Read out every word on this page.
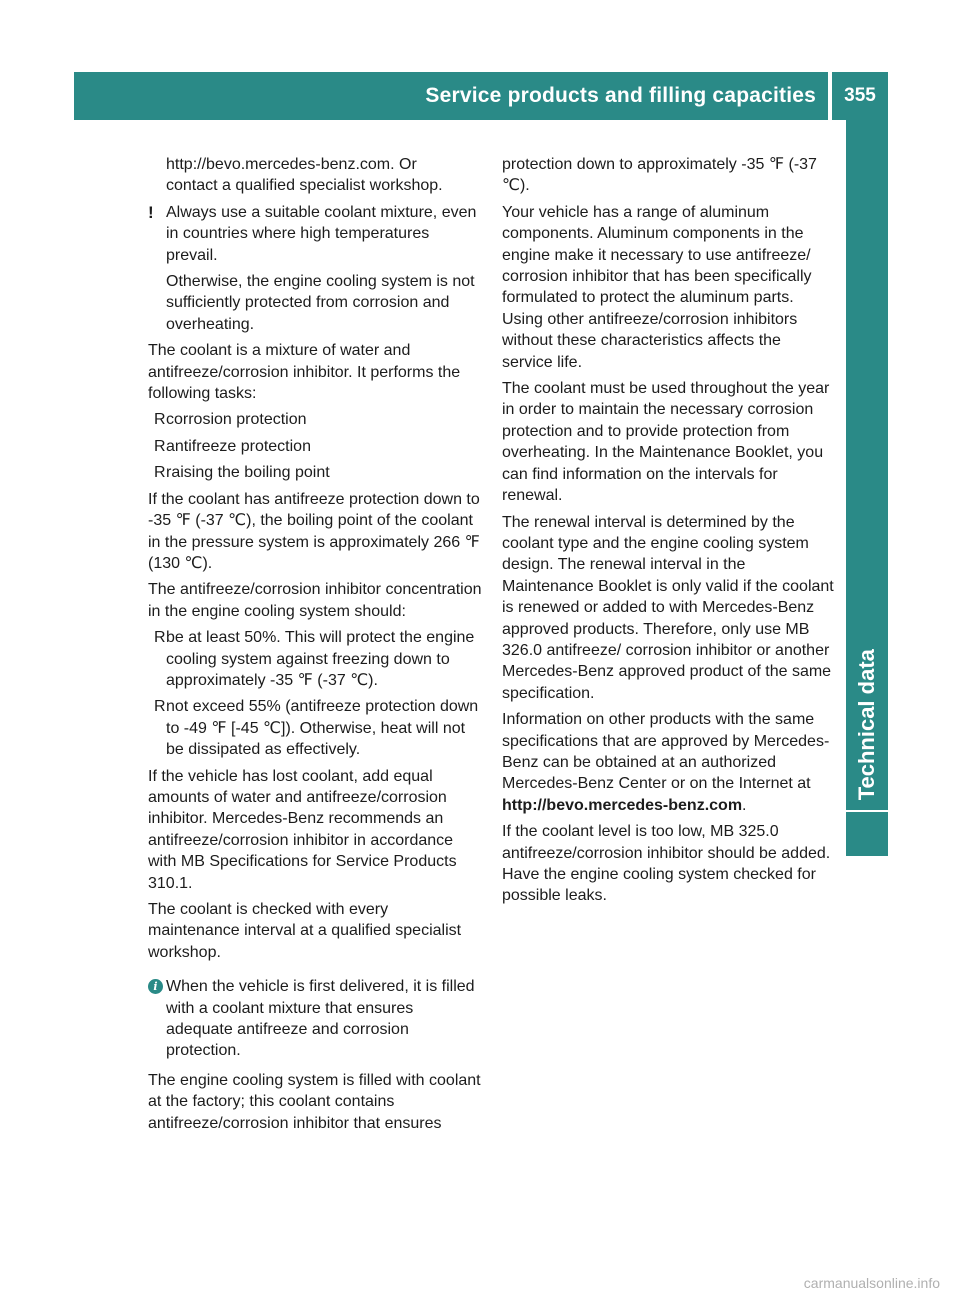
Service products and filling capacities 355
Technical data

http://bevo.mercedes-benz.com. Or

contact a qualified specialist workshop.

! Always use a suitable coolant mixture, even in countries where high temperatures prevail.

Otherwise, the engine cooling system is not sufficiently protected from corrosion and overheating.

The coolant is a mixture of water and antifreeze/corrosion inhibitor. It performs the following tasks:

R corrosion protection
R antifreeze protection
R raising the boiling point

If the coolant has antifreeze protection down to -35 ℉ (-37 ℃), the boiling point of the coolant in the pressure system is approximately 266 ℉ (130 ℃).

The antifreeze/corrosion inhibitor concentration in the engine cooling system should:

R be at least 50%. This will protect the engine cooling system against freezing down to approximately -35 ℉ (-37 ℃).
R not exceed 55% (antifreeze protection down to -49 ℉ [-45 ℃]). Otherwise, heat will not be dissipated as effectively.

If the vehicle has lost coolant, add equal amounts of water and antifreeze/corrosion inhibitor. Mercedes-Benz recommends an antifreeze/corrosion inhibitor in accordance with MB Specifications for Service Products 310.1.

The coolant is checked with every maintenance interval at a qualified specialist workshop.

i When the vehicle is first delivered, it is filled with a coolant mixture that ensures adequate antifreeze and corrosion protection.

The engine cooling system is filled with coolant at the factory; this coolant contains antifreeze/corrosion inhibitor that ensures

protection down to approximately -35 ℉ (-37 ℃).

Your vehicle has a range of aluminum components. Aluminum components in the engine make it necessary to use antifreeze/ corrosion inhibitor that has been specifically formulated to protect the aluminum parts. Using other antifreeze/corrosion inhibitors without these characteristics affects the service life.

The coolant must be used throughout the year in order to maintain the necessary corrosion protection and to provide protection from overheating. In the Maintenance Booklet, you can find information on the intervals for renewal.

The renewal interval is determined by the coolant type and the engine cooling system design. The renewal interval in the Maintenance Booklet is only valid if the coolant is renewed or added to with Mercedes-Benz approved products. Therefore, only use MB 326.0 antifreeze/ corrosion inhibitor or another Mercedes-Benz approved product of the same specification.

Information on other products with the same specifications that are approved by Mercedes-Benz can be obtained at an authorized Mercedes-Benz Center or on the Internet at
http://bevo.mercedes-benz.com.

If the coolant level is too low, MB 325.0 antifreeze/corrosion inhibitor should be added. Have the engine cooling system checked for possible leaks.

carmanualsonline.info
